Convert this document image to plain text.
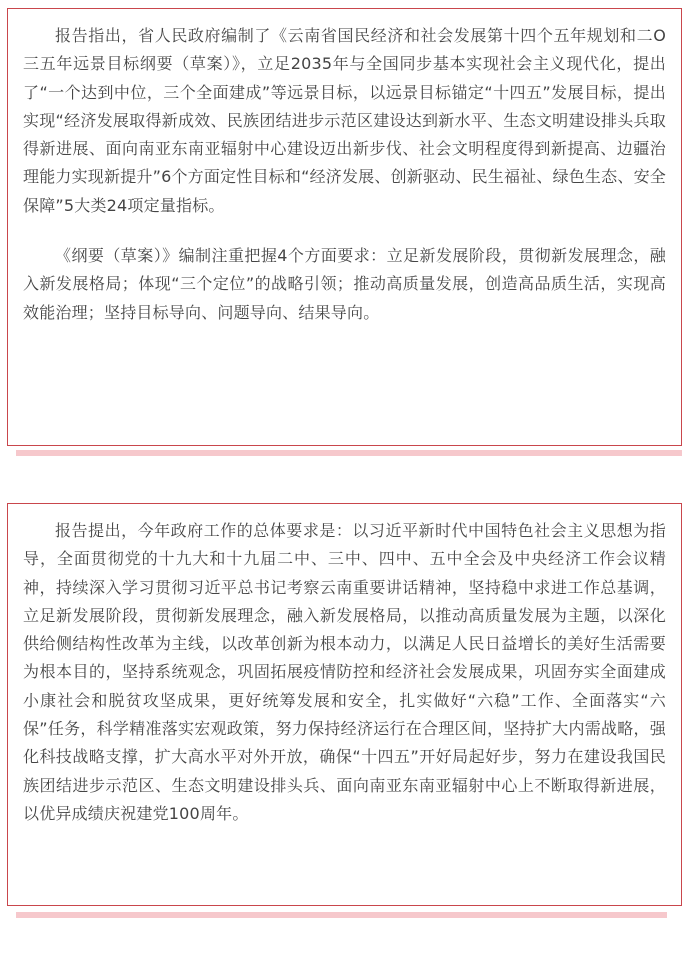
报告指出，省人民政府编制了《云南省国民经济和社会发展第十四个五年规划和二O三五年远景目标纲要（草案）》，立足2035年与全国同步基本实现社会主义现代化，提出了“一个达到中位，三个全面建成”等远景目标，以远景目标锚定“十四五”发展目标，提出实现“经济发展取得新成效、民族团结进步示范区建设达到新水平、生态文明建设排头兵取得新进展、面向南亚东南亚辐射中心建设迈出新步伐、社会文明程度得到新提高、边疆治理能力实现新提升”6个方面定性目标和“经济发展、创新驱动、民生福祉、绿色生态、安全保障”5大类24项定量指标。

《纲要（草案）》编制注重把握4个方面要求：立足新发展阶段，贯彻新发展理念，融入新发展格局；体现“三个定位”的战略引领；推动高质量发展，创造高品质生活，实现高效能治理；坚持目标导向、问题导向、结果导向。

报告提出，今年政府工作的总体要求是：以习近平新时代中国特色社会主义思想为指导，全面贯彻党的十九大和十九届二中、三中、四中、五中全会及中央经济工作会议精神，持续深入学习贯彻习近平总书记考察云南重要讲话精神，坚持稳中求进工作总基调，立足新发展阶段，贯彻新发展理念，融入新发展格局，以推动高质量发展为主题，以深化供给侧结构性改革为主线，以改革创新为根本动力，以满足人民日益增长的美好生活需要为根本目的，坚持系统观念，巩固拓展疫情防控和经济社会发展成果，巩固夯实全面建成小康社会和脱贫攻坚成果，更好统筹发展和安全，扎实做好“六稳”工作、全面落实“六保”任务，科学精准落实宏观政策，努力保持经济运行在合理区间，坚持扩大内需战略，强化科技战略支撑，扩大高水平对外开放，确保“十四五”开好局起好步，努力在建设我国民族团结进步示范区、生态文明建设排头兵、面向南亚东南亚辐射中心上不断取得新进展，以优异成绩庆祝建党100周年。
